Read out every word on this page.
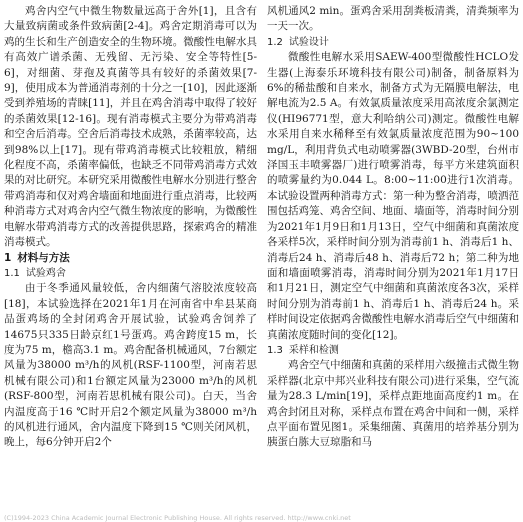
鸡舍内空气中微生物数量远高于舍外[1]，且含有大量致病菌或条件致病菌[2-4]。鸡舍定期消毒可以为鸡的生长和生产创造安全的生物环境。微酸性电解水具有高效广谱杀菌、无残留、无污染、安全等特性[5-6]，对细菌、芽孢及真菌等具有较好的杀菌效果[7-9]，使用成本为普通消毒剂的十分之一[10]，因此逐渐受到养殖场的青睐[11]，并且在鸡舍消毒中取得了较好的杀菌效果[12-16]。现有消毒模式主要分为带鸡消毒和空舍后消毒。空舍后消毒技术成熟，杀菌率较高，达到98%以上[17]。现有带鸡消毒模式比较粗放，精细化程度不高，杀菌率偏低，也缺乏不同带鸡消毒方式效果的对比研究。本研究采用微酸性电解水分别进行整舍带鸡消毒和仅对鸡舍墙面和地面进行重点消毒，比较两种消毒方式对鸡舍内空气微生物浓度的影响，为微酸性电解水带鸡消毒方式的改善提供思路，探索鸡舍的精准消毒模式。

1 材料与方法

1.1 试验鸡舍

由于冬季通风量较低，舍内细菌气溶胶浓度较高[18]，本试验选择在2021年1月在河南省中牟县某商品蛋鸡场的全封闭鸡舍开展试验，试验鸡舍饲养了14675只335日龄京红1号蛋鸡。鸡舍跨度15 m，长度为75 m，檐高3.1 m。鸡舍配备机械通风，7台额定风量为38000 m³/h的风机(RSF-1100型，河南若思机械有限公司)和1台额定风量为23000 m³/h的风机(RSF-800型，河南若思机械有限公司)。白天，当舍内温度高于16 ℃时开启2个额定风量为38000 m³/h的风机进行通风，舍内温度下降到15 ℃则关闭风机，晚上，每6分钟开启2个

风机通风2 min。蛋鸡舍采用刮粪板清粪，清粪频率为一天一次。

1.2 试验设计

微酸性电解水采用SAEW-400型微酸性HCLO发生器(上海泰乐环境科技有限公司)制备，制备原料为6%的稀盐酸和自来水，制备方式为无隔膜电解法，电解电流为2.5 A。有效氯质量浓度采用高浓度余氯测定仪(HI96771型，意大利哈纳公司)测定。微酸性电解水采用自来水稀释至有效氯质量浓度范围为90~100 mg/L，利用背负式电动喷雾器(3WBD-20型，台州市泽国玉丰喷雾器厂)进行喷雾消毒，每平方米建筑面积的喷雾量约为0.044 L。8:00~11:00进行1次消毒。本试验设置两种消毒方式：第一种为整舍消毒，喷洒范围包括鸡笼、鸡舍空间、地面、墙面等，消毒时间分别为2021年1月9日和1月13日，空气中细菌和真菌浓度各采样5次，采样时间分别为消毒前1 h、消毒后1 h、消毒后24 h、消毒后48 h、消毒后72 h；第二种为地面和墙面喷雾消毒，消毒时间分别为2021年1月17日和1月21日，测定空气中细菌和真菌浓度各3次，采样时间分别为消毒前1 h、消毒后1 h、消毒后24 h。采样时间设定依据鸡舍微酸性电解水消毒后空气中细菌和真菌浓度随时间的变化[12]。

1.3 采样和检测

鸡舍空气中细菌和真菌的采样用六级撞击式微生物采样器(北京中邦兴业科技有限公司)进行采集，空气流量为28.3 L/min[19]，采样点距地面高度约1 m。在鸡舍封闭且对称，采样点布置在鸡舍中间和一侧，采样点平面布置见图1。采集细菌、真菌用的培养基分别为胰蛋白胨大豆琼脂和马

(C)1994-2023 China Academic Journal Electronic Publishing House. All rights reserved. http://www.cnki.net
